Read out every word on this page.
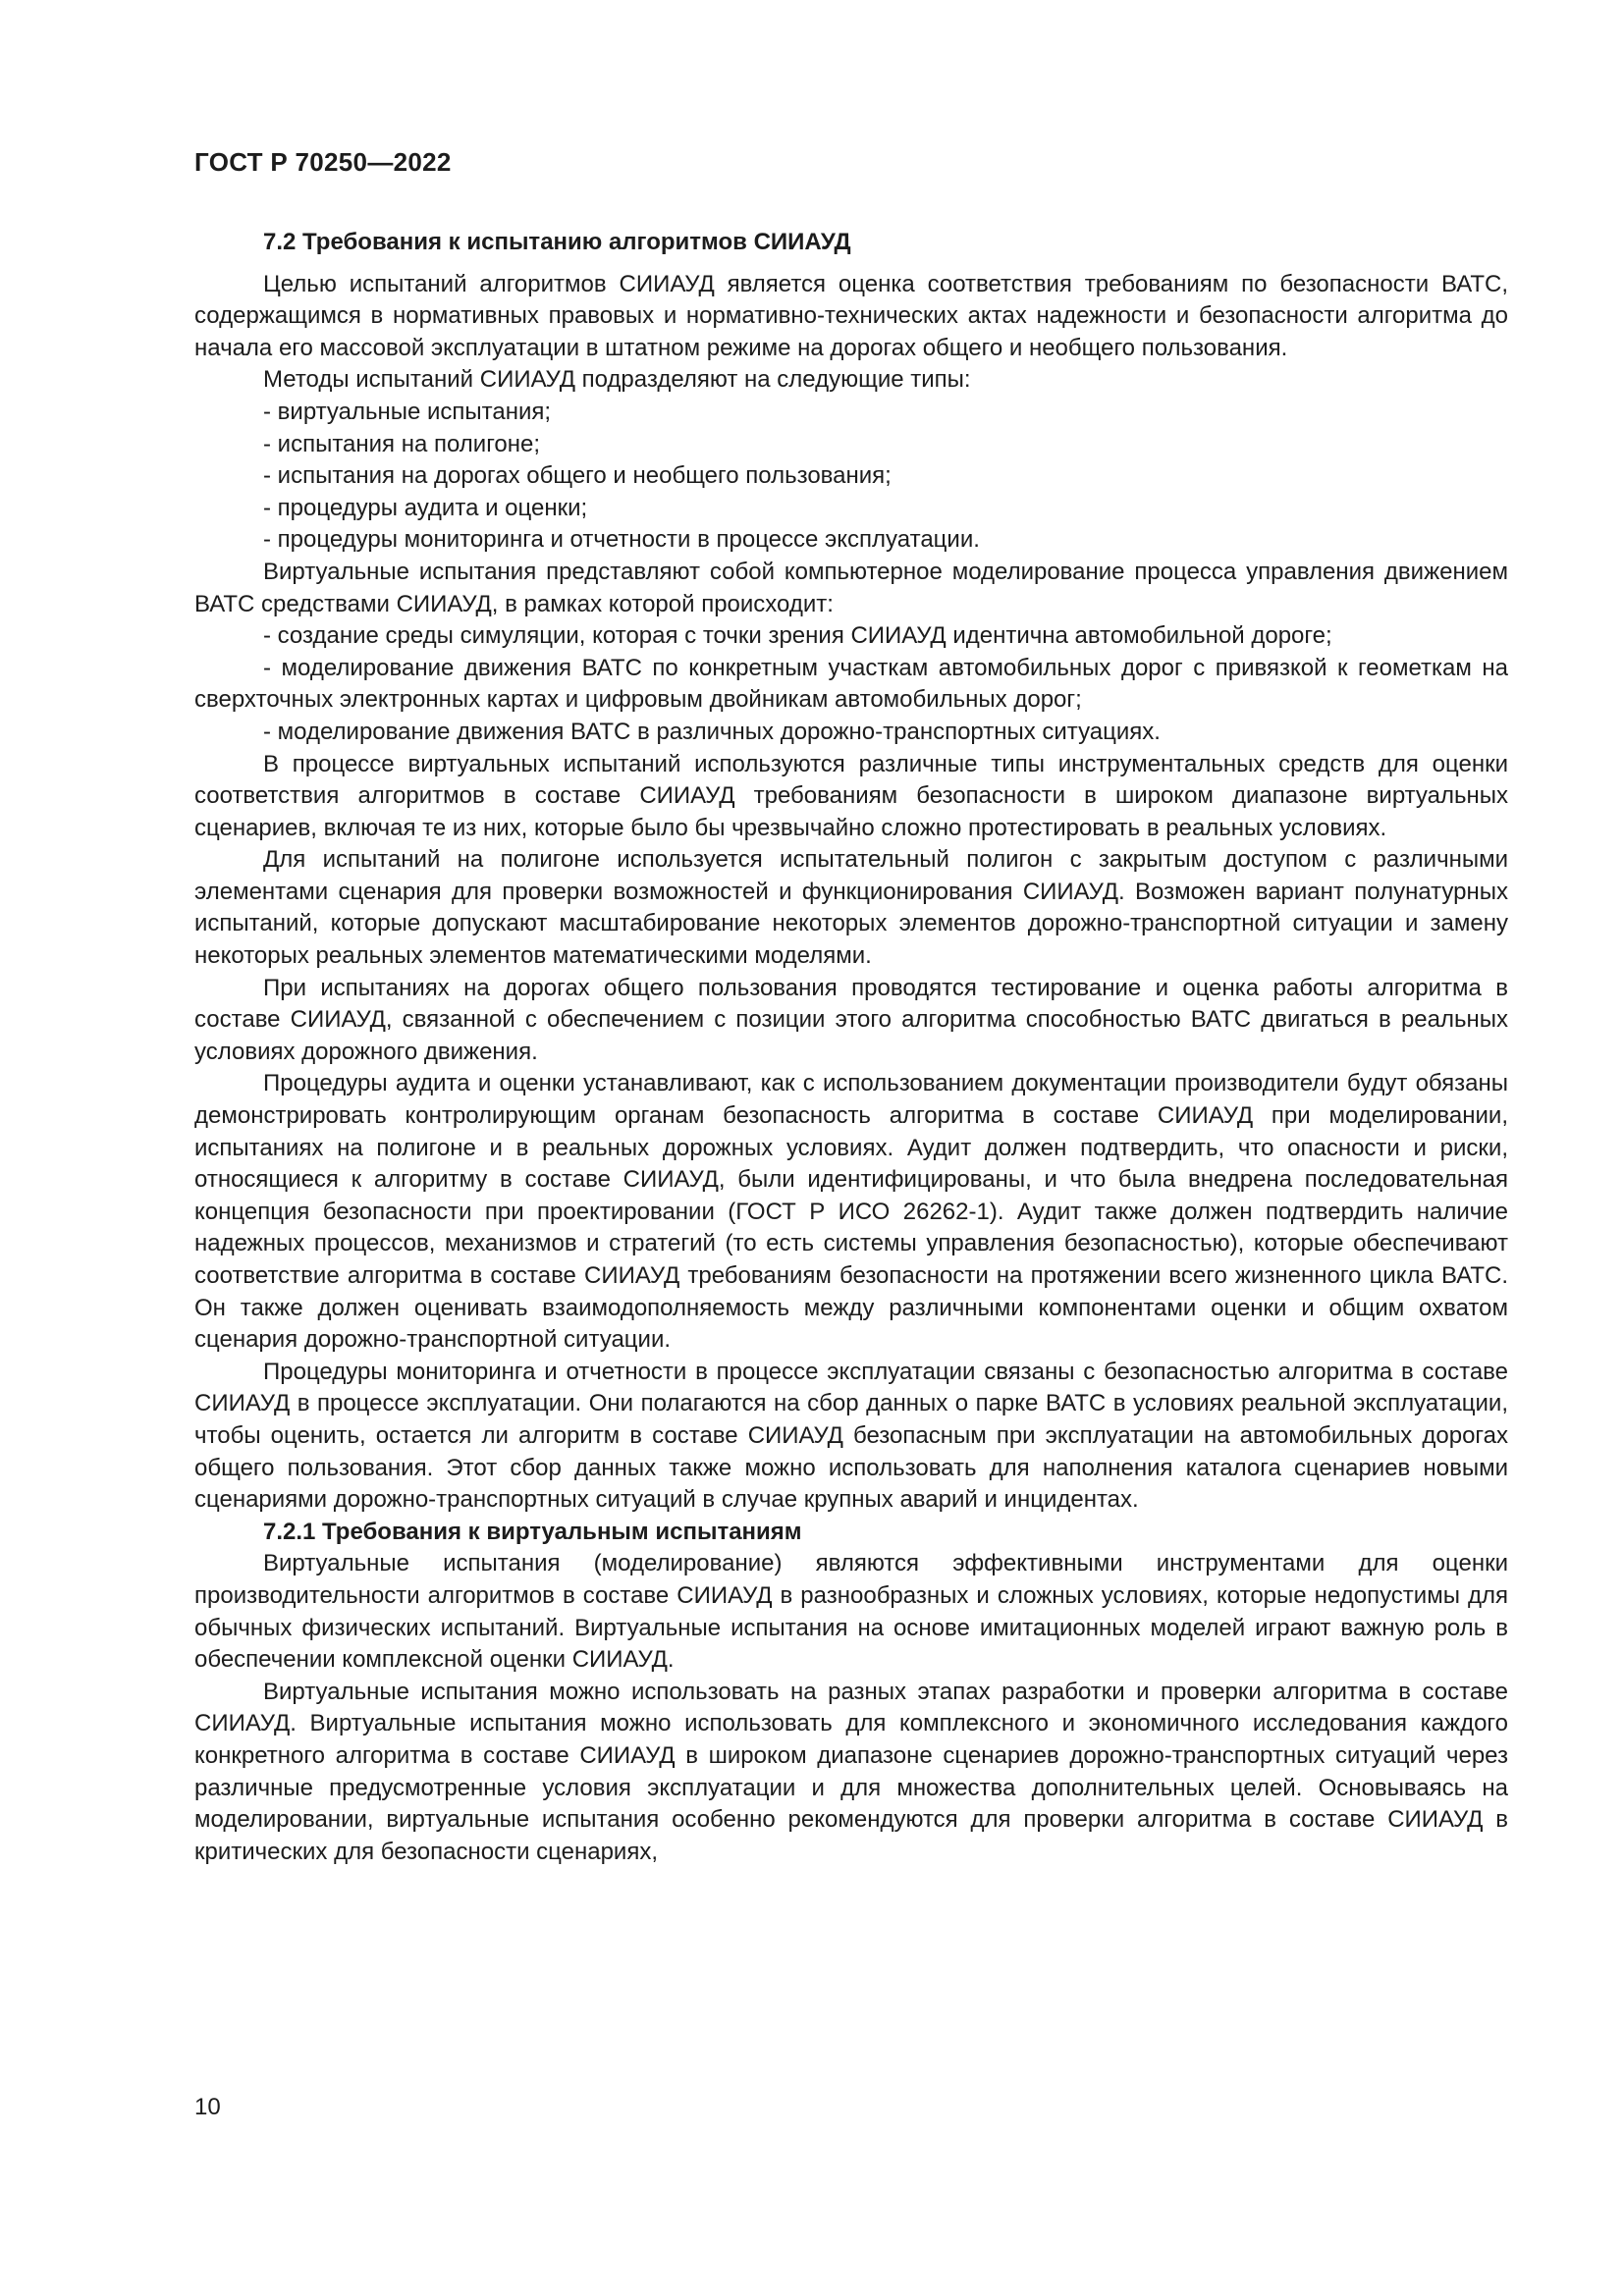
ГОСТ Р 70250—2022
7.2 Требования к испытанию алгоритмов СИИАУД

Целью испытаний алгоритмов СИИАУД является оценка соответствия требованиям по безопасности ВАТС, содержащимся в нормативных правовых и нормативно-технических актах надежности и безопасности алгоритма до начала его массовой эксплуатации в штатном режиме на дорогах общего и необщего пользования.

Методы испытаний СИИАУД подразделяют на следующие типы:

- виртуальные испытания;

- испытания на полигоне;

- испытания на дорогах общего и необщего пользования;

- процедуры аудита и оценки;

- процедуры мониторинга и отчетности в процессе эксплуатации.

Виртуальные испытания представляют собой компьютерное моделирование процесса управления движением ВАТС средствами СИИАУД, в рамках которой происходит:

- создание среды симуляции, которая с точки зрения СИИАУД идентична автомобильной дороге;

- моделирование движения ВАТС по конкретным участкам автомобильных дорог с привязкой к геометкам на сверхточных электронных картах и цифровым двойникам автомобильных дорог;

- моделирование движения ВАТС в различных дорожно-транспортных ситуациях.

В процессе виртуальных испытаний используются различные типы инструментальных средств для оценки соответствия алгоритмов в составе СИИАУД требованиям безопасности в широком диапазоне виртуальных сценариев, включая те из них, которые было бы чрезвычайно сложно протестировать в реальных условиях.

Для испытаний на полигоне используется испытательный полигон с закрытым доступом с различными элементами сценария для проверки возможностей и функционирования СИИАУД. Возможен вариант полунатурных испытаний, которые допускают масштабирование некоторых элементов дорожно-транспортной ситуации и замену некоторых реальных элементов математическими моделями.

При испытаниях на дорогах общего пользования проводятся тестирование и оценка работы алгоритма в составе СИИАУД, связанной с обеспечением с позиции этого алгоритма способностью ВАТС двигаться в реальных условиях дорожного движения.

Процедуры аудита и оценки устанавливают, как с использованием документации производители будут обязаны демонстрировать контролирующим органам безопасность алгоритма в составе СИИАУД при моделировании, испытаниях на полигоне и в реальных дорожных условиях. Аудит должен подтвердить, что опасности и риски, относящиеся к алгоритму в составе СИИАУД, были идентифицированы, и что была внедрена последовательная концепция безопасности при проектировании (ГОСТ Р ИСО 26262-1). Аудит также должен подтвердить наличие надежных процессов, механизмов и стратегий (то есть системы управления безопасностью), которые обеспечивают соответствие алгоритма в составе СИИАУД требованиям безопасности на протяжении всего жизненного цикла ВАТС. Он также должен оценивать взаимодополняемость между различными компонентами оценки и общим охватом сценария дорожно-транспортной ситуации.

Процедуры мониторинга и отчетности в процессе эксплуатации связаны с безопасностью алгоритма в составе СИИАУД в процессе эксплуатации. Они полагаются на сбор данных о парке ВАТС в условиях реальной эксплуатации, чтобы оценить, остается ли алгоритм в составе СИИАУД безопасным при эксплуатации на автомобильных дорогах общего пользования. Этот сбор данных также можно использовать для наполнения каталога сценариев новыми сценариями дорожно-транспортных ситуаций в случае крупных аварий и инцидентах.

7.2.1 Требования к виртуальным испытаниям

Виртуальные испытания (моделирование) являются эффективными инструментами для оценки производительности алгоритмов в составе СИИАУД в разнообразных и сложных условиях, которые недопустимы для обычных физических испытаний. Виртуальные испытания на основе имитационных моделей играют важную роль в обеспечении комплексной оценки СИИАУД.

Виртуальные испытания можно использовать на разных этапах разработки и проверки алгоритма в составе СИИАУД. Виртуальные испытания можно использовать для комплексного и экономичного исследования каждого конкретного алгоритма в составе СИИАУД в широком диапазоне сценариев дорожно-транспортных ситуаций через различные предусмотренные условия эксплуатации и для множества дополнительных целей. Основываясь на моделировании, виртуальные испытания особенно рекомендуются для проверки алгоритма в составе СИИАУД в критических для безопасности сценариях,

10
